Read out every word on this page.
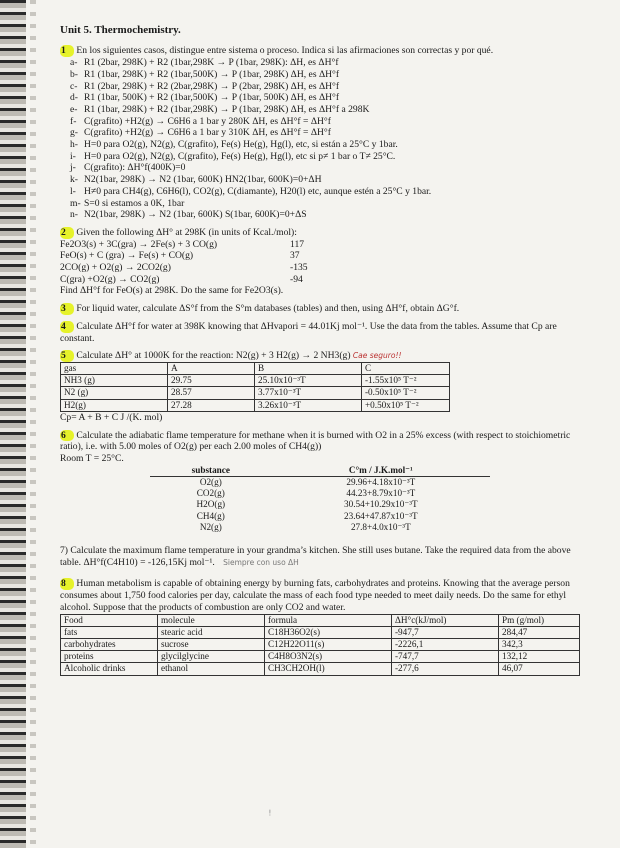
Unit 5. Thermochemistry.
1 En los siguientes casos, distingue entre sistema o proceso. Indica si las afirmaciones son correctas y por qué.
a- R1 (2bar, 298K) + R2 (1bar,298K → P (1bar, 298K): ΔH, es ΔH°f
b- R1 (1bar, 298K) + R2 (1bar,500K) → P (1bar, 298K) ΔH, es ΔH°f
c- R1 (2bar, 298K) + R2 (2bar,298K) → P (2bar, 298K) ΔH, es ΔH°f
d- R1 (1bar, 500K) + R2 (1bar,500K) → P (1bar, 500K) ΔH, es ΔH°f
e- R1 (1bar, 298K) + R2 (1bar,298K) → P (1bar, 298K) ΔH, es ΔH°f a 298K
f- C(grafito) +H2(g) → C6H6 a 1 bar y 280K ΔH, es ΔH°f = ΔH°f
g- C(grafito) +H2(g) → C6H6 a 1 bar y 310K ΔH, es ΔH°f = ΔH°f
h- H=0 para O2(g), N2(g), C(grafito), Fe(s) He(g), Hg(l), etc, si están a 25°C y 1bar.
i- H=0 para O2(g), N2(g), C(grafito), Fe(s) He(g), Hg(l), etc si p≠ 1 bar o T≠ 25°C.
j- C(grafito): ΔH°f(400K)=0
k- N2(1bar, 298K) → N2 (1bar, 600K) HN2(1bar, 600K)=0+ΔH
l- H≠0 para CH4(g), C6H6(l), CO2(g), C(diamante), H20(l) etc, aunque estén a 25°C y 1bar.
m- S=0 si estamos a 0K, 1bar
n- N2(1bar, 298K) → N2 (1bar, 600K) S(1bar, 600K)=0+ΔS
2 Given the following ΔH° at 298K (in units of Kcal./mol):
Fe2O3(s) + 3C(gra) → 2Fe(s) + 3 CO(g)	117
FeO(s) + C (gra) → Fe(s) + CO(g)	37
2CO(g) + O2(g) → 2CO2(g)	-135
C(gra) +O2(g) → CO2(g)	-94
Find ΔH°f for FeO(s) at 298K. Do the same for Fe2O3(s).
3 For liquid water, calculate ΔS°f from the S°m databases (tables) and then, using ΔH°f, obtain ΔG°f.
4 Calculate ΔH°f for water at 398K knowing that ΔHvapori = 44.01Kj mol⁻¹. Use the data from the tables. Assume that Cp are constant.
5 Calculate ΔH° at 1000K for the reaction: N2(g) + 3 H2(g) → 2 NH3(g) Cae seguro!!
gas	A	B	C
NH3 (g)	29.75	25.10x10⁻³T	-1.55x10⁵ T⁻²
N2 (g)	28.57	3.77x10⁻³T	-0.50x10⁵ T⁻²
H2(g)	27.28	3.26x10⁻³T	+0.50x10⁵ T⁻²
Cp= A + B + C J /(K. mol)
6 Calculate the adiabatic flame temperature for methane when it is burned with O2 in a 25% excess (with respect to stoichiometric ratio), i.e. with 5.00 moles of O2(g) per each 2.00 moles of CH4(g))
Room T = 25°C.
substance	C°m / J.K.mol⁻¹
O2(g)	29.96+4.18x10⁻³T
CO2(g)	44.23+8.79x10⁻³T
H2O(g)	30.54+10.29x10⁻³T
CH4(g)	23.64+47.87x10⁻³T
N2(g)	27.8+4.0x10⁻³T
7) Calculate the maximum flame temperature in your grandma’s kitchen. She still uses butane. Take the required data from the above table. ΔH°f(C4H10) = -126,15Kj mol⁻¹. Siempre con uso ΔH
8 Human metabolism is capable of obtaining energy by burning fats, carbohydrates and proteins. Knowing that the average person consumes about 1,750 food calories per day, calculate the mass of each food type needed to meet daily needs. Do the same for ethyl alcohol. Suppose that the products of combustion are only CO2 and water.
Food	molecule	formula	ΔH°c(kJ/mol)	Pm (g/mol)
fats	stearic acid	C18H36O2(s)	-947,7	284,47
carbohydrates	sucrose	C12H22O11(s)	-2226,1	342,3
proteins	glycilglycine	C4H8O3N2(s)	-747,7	132,12
Alcoholic drinks	ethanol	CH3CH2OH(l)	-277,6	46,07
ꜝ
